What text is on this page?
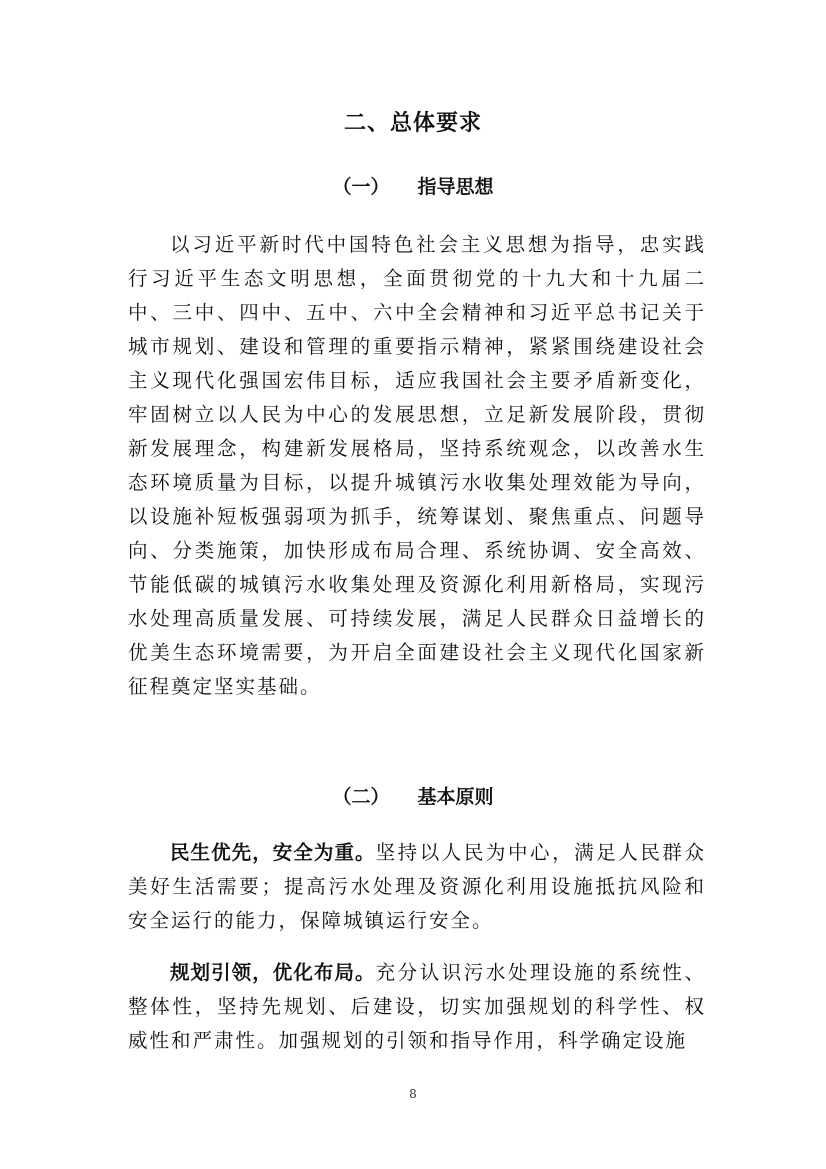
二、总体要求
（一） 指导思想

以习近平新时代中国特色社会主义思想为指导，忠实践行习近平生态文明思想，全面贯彻党的十九大和十九届二中、三中、四中、五中、六中全会精神和习近平总书记关于城市规划、建设和管理的重要指示精神，紧紧围绕建设社会主义现代化强国宏伟目标，适应我国社会主要矛盾新变化，牢固树立以人民为中心的发展思想，立足新发展阶段，贯彻新发展理念，构建新发展格局，坚持系统观念，以改善水生态环境质量为目标，以提升城镇污水收集处理效能为导向，以设施补短板强弱项为抓手，统筹谋划、聚焦重点、问题导向、分类施策，加快形成布局合理、系统协调、安全高效、节能低碳的城镇污水收集处理及资源化利用新格局，实现污水处理高质量发展、可持续发展，满足人民群众日益增长的优美生态环境需要，为开启全面建设社会主义现代化国家新征程奠定坚实基础。

（二） 基本原则

民生优先，安全为重。坚持以人民为中心，满足人民群众美好生活需要；提高污水处理及资源化利用设施抵抗风险和安全运行的能力，保障城镇运行安全。

规划引领，优化布局。充分认识污水处理设施的系统性、整体性，坚持先规划、后建设，切实加强规划的科学性、权威性和严肃性。加强规划的引领和指导作用，科学确定设施

8
